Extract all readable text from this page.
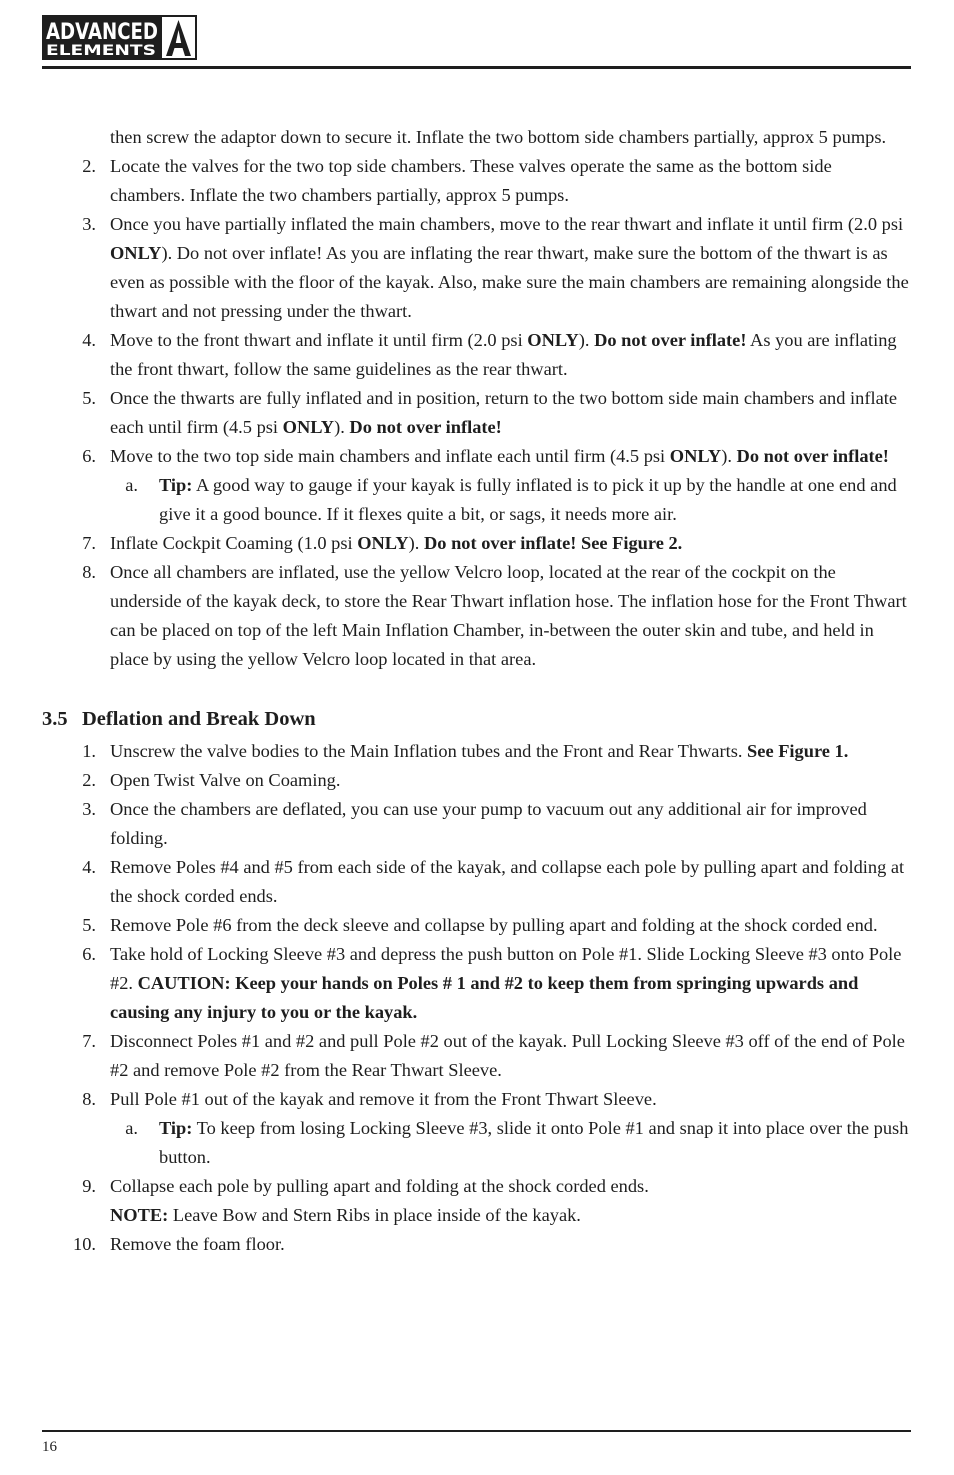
ADVANCED
ELEMENTS
then screw the adaptor down to secure it. Inflate the two bottom side chambers partially, approx 5 pumps.
2. Locate the valves for the two top side chambers. These valves operate the same as the bottom side chambers. Inflate the two chambers partially, approx 5 pumps.
3. Once you have partially inflated the main chambers, move to the rear thwart and inflate it until firm (2.0 psi ONLY). Do not over inflate! As you are inflating the rear thwart, make sure the bottom of the thwart is as even as possible with the floor of the kayak. Also, make sure the main chambers are remaining alongside the thwart and not pressing under the thwart.
4. Move to the front thwart and inflate it until firm (2.0 psi ONLY). Do not over inflate! As you are inflating the front thwart, follow the same guidelines as the rear thwart.
5. Once the thwarts are fully inflated and in position, return to the two bottom side main chambers and inflate each until firm (4.5 psi ONLY). Do not over inflate!
6. Move to the two top side main chambers and inflate each until firm (4.5 psi ONLY). Do not over inflate!
a. Tip: A good way to gauge if your kayak is fully inflated is to pick it up by the handle at one end and give it a good bounce. If it flexes quite a bit, or sags, it needs more air.
7. Inflate Cockpit Coaming (1.0 psi ONLY). Do not over inflate! See Figure 2.
8. Once all chambers are inflated, use the yellow Velcro loop, located at the rear of the cockpit on the underside of the kayak deck, to store the Rear Thwart inflation hose. The inflation hose for the Front Thwart can be placed on top of the left Main Inflation Chamber, in-between the outer skin and tube, and held in place by using the yellow Velcro loop located in that area.
3.5 Deflation and Break Down
1. Unscrew the valve bodies to the Main Inflation tubes and the Front and Rear Thwarts. See Figure 1.
2. Open Twist Valve on Coaming.
3. Once the chambers are deflated, you can use your pump to vacuum out any additional air for improved folding.
4. Remove Poles #4 and #5 from each side of the kayak, and collapse each pole by pulling apart and folding at the shock corded ends.
5. Remove Pole #6 from the deck sleeve and collapse by pulling apart and folding at the shock corded end.
6. Take hold of Locking Sleeve #3 and depress the push button on Pole #1. Slide Locking Sleeve #3 onto Pole #2. CAUTION: Keep your hands on Poles # 1 and #2 to keep them from springing upwards and causing any injury to you or the kayak.
7. Disconnect Poles #1 and #2 and pull Pole #2 out of the kayak. Pull Locking Sleeve #3 off of the end of Pole #2 and remove Pole #2 from the Rear Thwart Sleeve.
8. Pull Pole #1 out of the kayak and remove it from the Front Thwart Sleeve.
a. Tip: To keep from losing Locking Sleeve #3, slide it onto Pole #1 and snap it into place over the push button.
9. Collapse each pole by pulling apart and folding at the shock corded ends.
NOTE: Leave Bow and Stern Ribs in place inside of the kayak.
10. Remove the foam floor.
16
